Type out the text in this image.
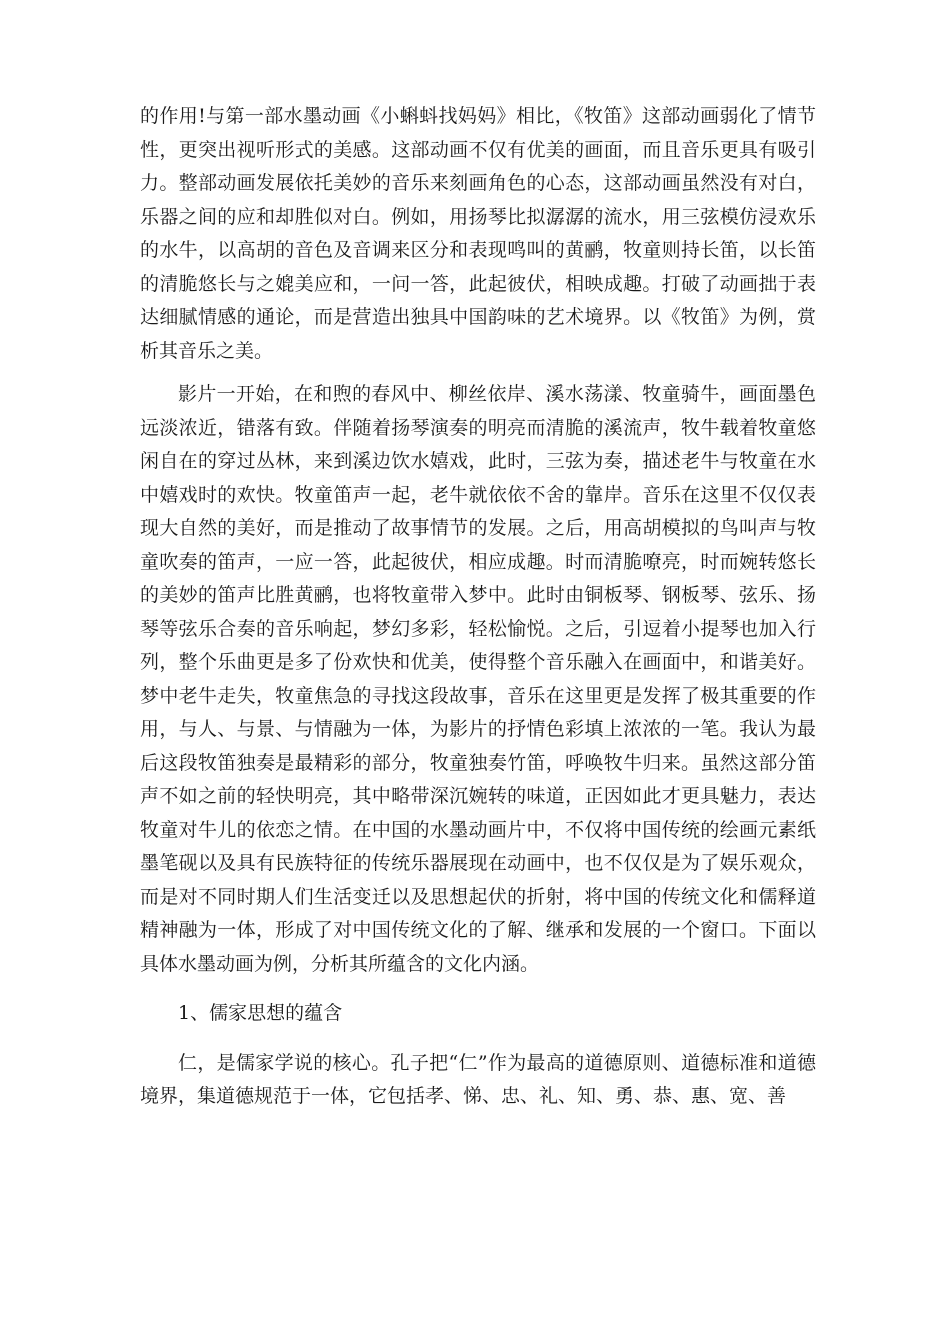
的作用!与第一部水墨动画《小蝌蚪找妈妈》相比，《牧笛》这部动画弱化了情节性，更突出视听形式的美感。这部动画不仅有优美的画面，而且音乐更具有吸引力。整部动画发展依托美妙的音乐来刻画角色的心态，这部动画虽然没有对白，乐器之间的应和却胜似对白。例如，用扬琴比拟潺潺的流水，用三弦模仿浸欢乐的水牛，以高胡的音色及音调来区分和表现鸣叫的黄鹂，牧童则持长笛，以长笛的清脆悠长与之媲美应和，一问一答，此起彼伏，相映成趣。打破了动画拙于表达细腻情感的通论，而是营造出独具中国韵味的艺术境界。以《牧笛》为例，赏析其音乐之美。

影片一开始，在和煦的春风中、柳丝依岸、溪水荡漾、牧童骑牛，画面墨色远淡浓近，错落有致。伴随着扬琴演奏的明亮而清脆的溪流声，牧牛载着牧童悠闲自在的穿过丛林，来到溪边饮水嬉戏，此时，三弦为奏，描述老牛与牧童在水中嬉戏时的欢快。牧童笛声一起，老牛就依依不舍的靠岸。音乐在这里不仅仅表现大自然的美好，而是推动了故事情节的发展。之后，用高胡模拟的鸟叫声与牧童吹奏的笛声，一应一答，此起彼伏，相应成趣。时而清脆嘹亮，时而婉转悠长的美妙的笛声比胜黄鹂，也将牧童带入梦中。此时由铜板琴、钢板琴、弦乐、扬琴等弦乐合奏的音乐响起，梦幻多彩，轻松愉悦。之后，引逗着小提琴也加入行列，整个乐曲更是多了份欢快和优美，使得整个音乐融入在画面中，和谐美好。梦中老牛走失，牧童焦急的寻找这段故事，音乐在这里更是发挥了极其重要的作用，与人、与景、与情融为一体，为影片的抒情色彩填上浓浓的一笔。我认为最后这段牧笛独奏是最精彩的部分，牧童独奏竹笛，呼唤牧牛归来。虽然这部分笛声不如之前的轻快明亮，其中略带深沉婉转的味道，正因如此才更具魅力，表达牧童对牛儿的依恋之情。在中国的水墨动画片中，不仅将中国传统的绘画元素纸墨笔砚以及具有民族特征的传统乐器展现在动画中，也不仅仅是为了娱乐观众，而是对不同时期人们生活变迁以及思想起伏的折射，将中国的传统文化和儒释道精神融为一体，形成了对中国传统文化的了解、继承和发展的一个窗口。下面以具体水墨动画为例，分析其所蕴含的文化内涵。

1、儒家思想的蕴含

仁，是儒家学说的核心。孔子把“仁”作为最高的道德原则、道德标准和道德境界，集道德规范于一体，它包括孝、悌、忠、礼、知、勇、恭、惠、宽、善
